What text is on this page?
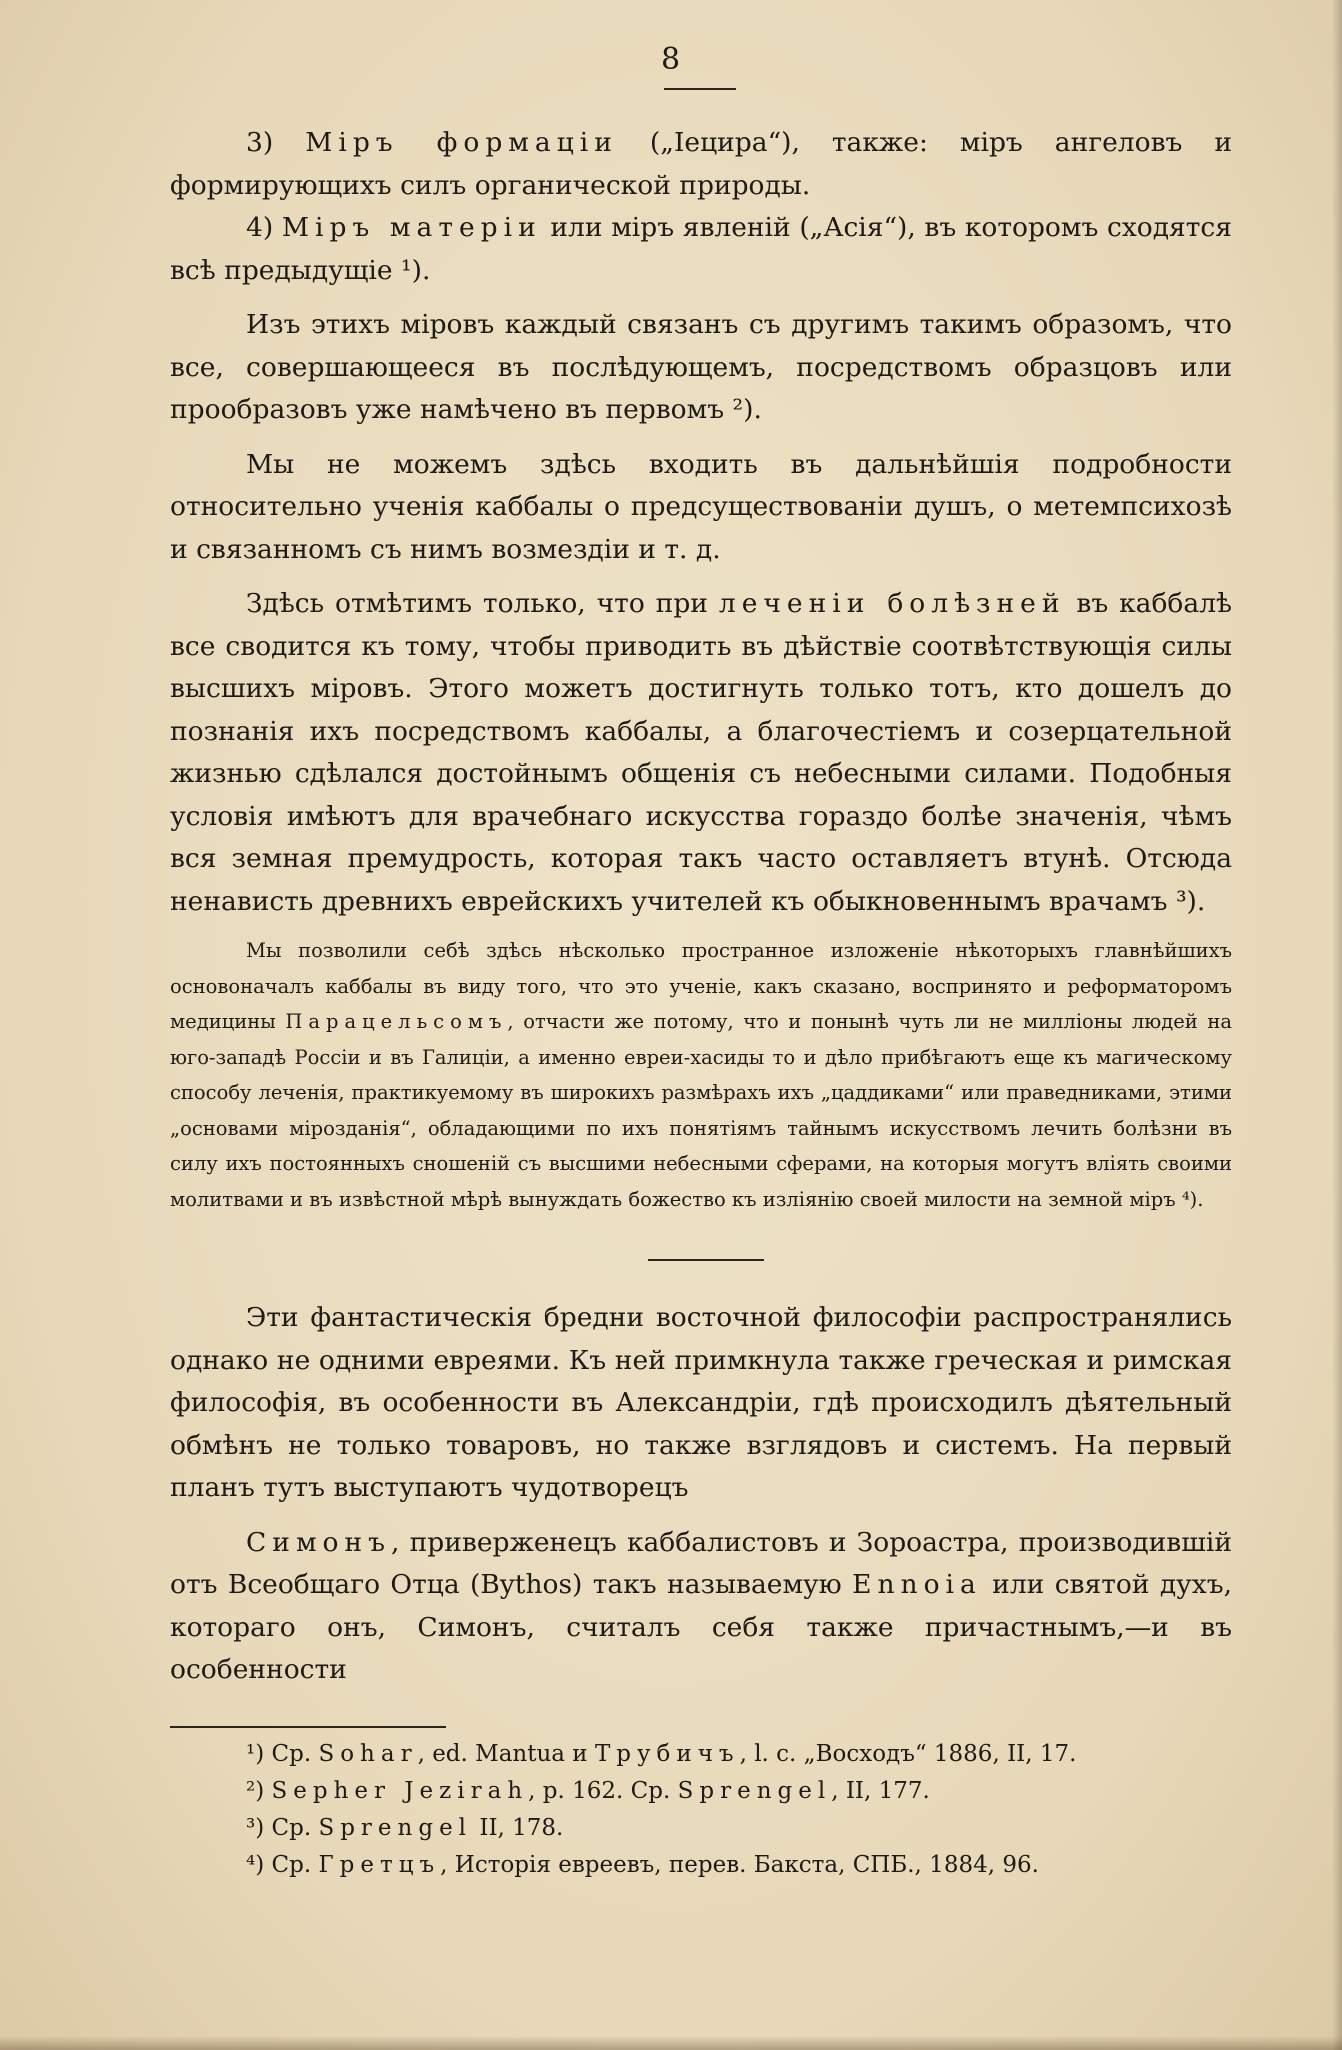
8

3) Міръ формаціи („Іецира“), также: міръ ангеловъ и формирующихъ силъ органической природы.

4) Міръ матеріи или міръ явленій („Асія“), въ которомъ сходятся всѣ предыдущіе ¹).

Изъ этихъ міровъ каждый связанъ съ другимъ такимъ образомъ, что все, совершающееся въ послѣдующемъ, посредствомъ образцовъ или прообразовъ уже намѣчено въ первомъ ²).

Мы не можемъ здѣсь входить въ дальнѣйшія подробности относительно ученія каббалы о предсуществованіи душъ, о метемпсихозѣ и связанномъ съ нимъ возмездіи и т. д.

Здѣсь отмѣтимъ только, что при леченіи болѣзней въ каббалѣ все сводится къ тому, чтобы приводить въ дѣйствіе соотвѣтствующія силы высшихъ міровъ. Этого можетъ достигнуть только тотъ, кто дошелъ до познанія ихъ посредствомъ каббалы, а благочестіемъ и созерцательной жизнью сдѣлался достойнымъ общенія съ небесными силами. Подобныя условія имѣютъ для врачебнаго искусства гораздо болѣе значенія, чѣмъ вся земная премудрость, которая такъ часто оставляетъ втунѣ. Отсюда ненависть древнихъ еврейскихъ учителей къ обыкновеннымъ врачамъ ³).

Мы позволили себѣ здѣсь нѣсколько пространное изложеніе нѣкоторыхъ главнѣйшихъ основоначалъ каббалы въ виду того, что это ученіе, какъ сказано, воспринято и реформаторомъ медицины Парацельсомъ, отчасти же потому, что и понынѣ чуть ли не милліоны людей на юго-западѣ Россіи и въ Галиціи, а именно евреи-хасиды то и дѣло прибѣгаютъ еще къ магическому способу леченія, практикуемому въ широкихъ размѣрахъ ихъ „цаддиками“ или праведниками, этими „основами мірозданія“, обладающими по ихъ понятіямъ тайнымъ искусствомъ лечить болѣзни въ силу ихъ постоянныхъ сношеній съ высшими небесными сферами, на которыя могутъ вліять своими молитвами и въ извѣстной мѣрѣ вынуждать божество къ изліянію своей милости на земной міръ ⁴).

Эти фантастическія бредни восточной философіи распространялись однако не одними евреями. Къ ней примкнула также греческая и римская философія, въ особенности въ Александріи, гдѣ происходилъ дѣятельный обмѣнъ не только товаровъ, но также взглядовъ и системъ. На первый планъ тутъ выступаютъ чудотворецъ

Симонъ, приверженецъ каббалистовъ и Зороастра, производившій отъ Всеобщаго Отца (Bythos) такъ называемую Ennoia или святой духъ, котораго онъ, Симонъ, считалъ себя также причастнымъ,—и въ особенности

¹) Ср. Sohar, ed. Mantua и Трубичъ, l. c. „Восходъ“ 1886, II, 17.
²) Sepher Jezirah, p. 162. Ср. Sprengel, II, 177.
³) Ср. Sprengel II, 178.
⁴) Ср. Гретцъ, Исторія евреевъ, перев. Бакста, СПБ., 1884, 96.
